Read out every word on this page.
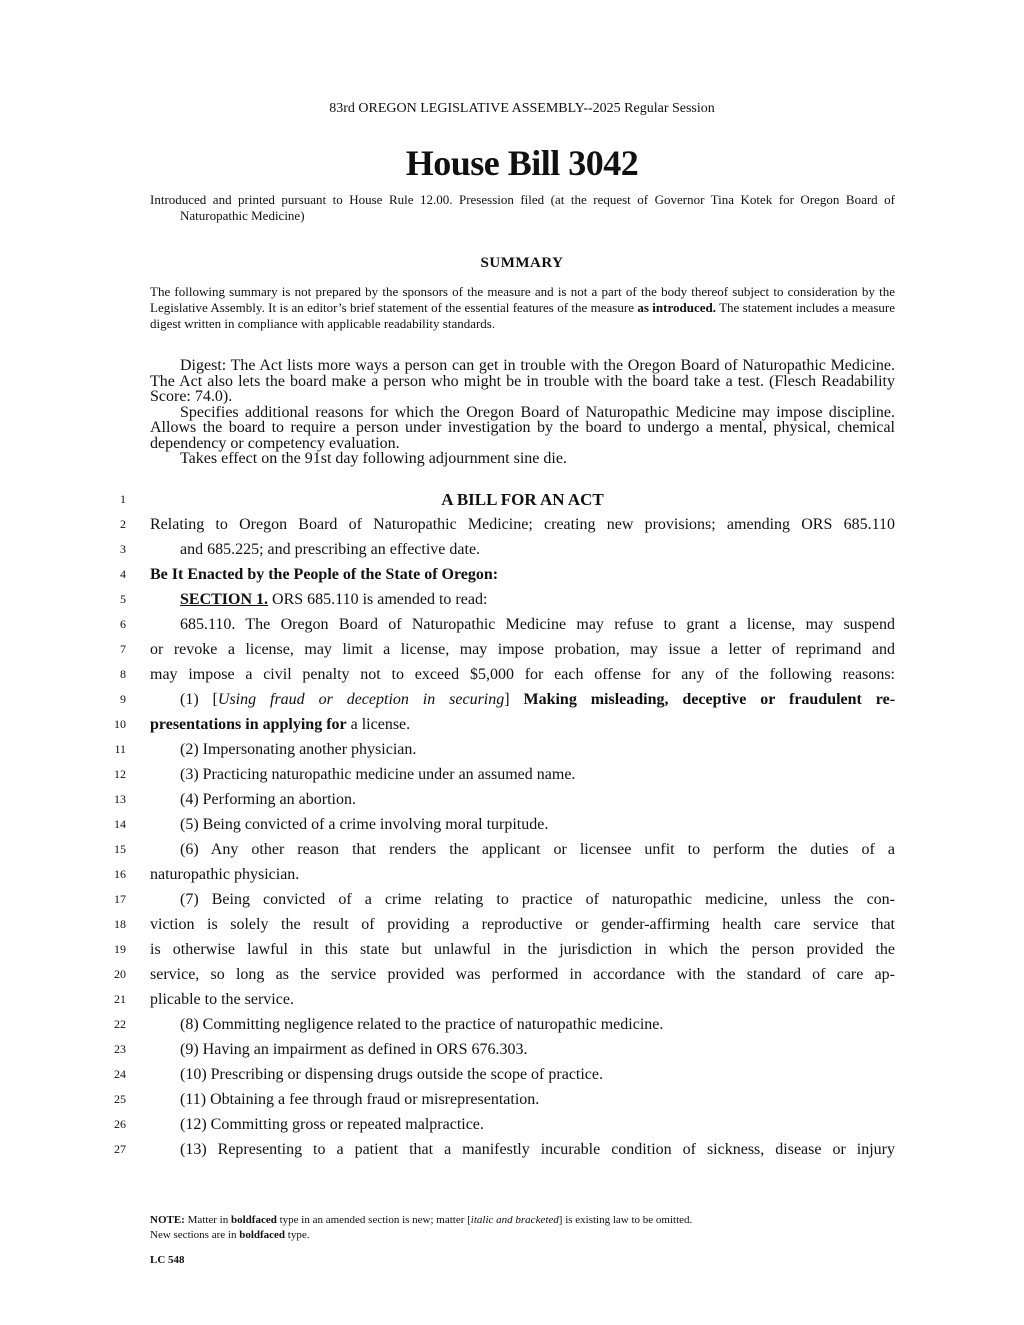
83rd OREGON LEGISLATIVE ASSEMBLY--2025 Regular Session
House Bill 3042
Introduced and printed pursuant to House Rule 12.00. Presession filed (at the request of Governor Tina Kotek for Oregon Board of Naturopathic Medicine)
SUMMARY

The following summary is not prepared by the sponsors of the measure and is not a part of the body thereof subject to consideration by the Legislative Assembly. It is an editor’s brief statement of the essential features of the measure as introduced. The statement includes a measure digest written in compliance with applicable readability standards.

Digest: The Act lists more ways a person can get in trouble with the Oregon Board of Naturopathic Medicine. The Act also lets the board make a person who might be in trouble with the board take a test. (Flesch Readability Score: 74.0).

Specifies additional reasons for which the Oregon Board of Naturopathic Medicine may impose discipline. Allows the board to require a person under investigation by the board to undergo a mental, physical, chemical dependency or competency evaluation.

Takes effect on the 91st day following adjournment sine die.

1	A BILL FOR AN ACT
2 Relating to Oregon Board of Naturopathic Medicine; creating new provisions; amending ORS 685.110
3	and 685.225; and prescribing an effective date.
4 Be It Enacted by the People of the State of Oregon:
5	SECTION 1. ORS 685.110 is amended to read:
6	685.110. The Oregon Board of Naturopathic Medicine may refuse to grant a license, may suspend
7 or revoke a license, may limit a license, may impose probation, may issue a letter of reprimand and
8 may impose a civil penalty not to exceed $5,000 for each offense for any of the following reasons:
9	(1) [Using fraud or deception in securing] Making misleading, deceptive or fraudulent re-
10 presentations in applying for a license.
11	(2) Impersonating another physician.
12	(3) Practicing naturopathic medicine under an assumed name.
13	(4) Performing an abortion.
14	(5) Being convicted of a crime involving moral turpitude.
15	(6) Any other reason that renders the applicant or licensee unfit to perform the duties of a
16 naturopathic physician.
17	(7) Being convicted of a crime relating to practice of naturopathic medicine, unless the con-
18 viction is solely the result of providing a reproductive or gender-affirming health care service that
19 is otherwise lawful in this state but unlawful in the jurisdiction in which the person provided the
20 service, so long as the service provided was performed in accordance with the standard of care ap-
21 plicable to the service.
22	(8) Committing negligence related to the practice of naturopathic medicine.
23	(9) Having an impairment as defined in ORS 676.303.
24	(10) Prescribing or dispensing drugs outside the scope of practice.
25	(11) Obtaining a fee through fraud or misrepresentation.
26	(12) Committing gross or repeated malpractice.
27	(13) Representing to a patient that a manifestly incurable condition of sickness, disease or injury
NOTE: Matter in boldfaced type in an amended section is new; matter [italic and bracketed] is existing law to be omitted.
New sections are in boldfaced type.
LC 548
